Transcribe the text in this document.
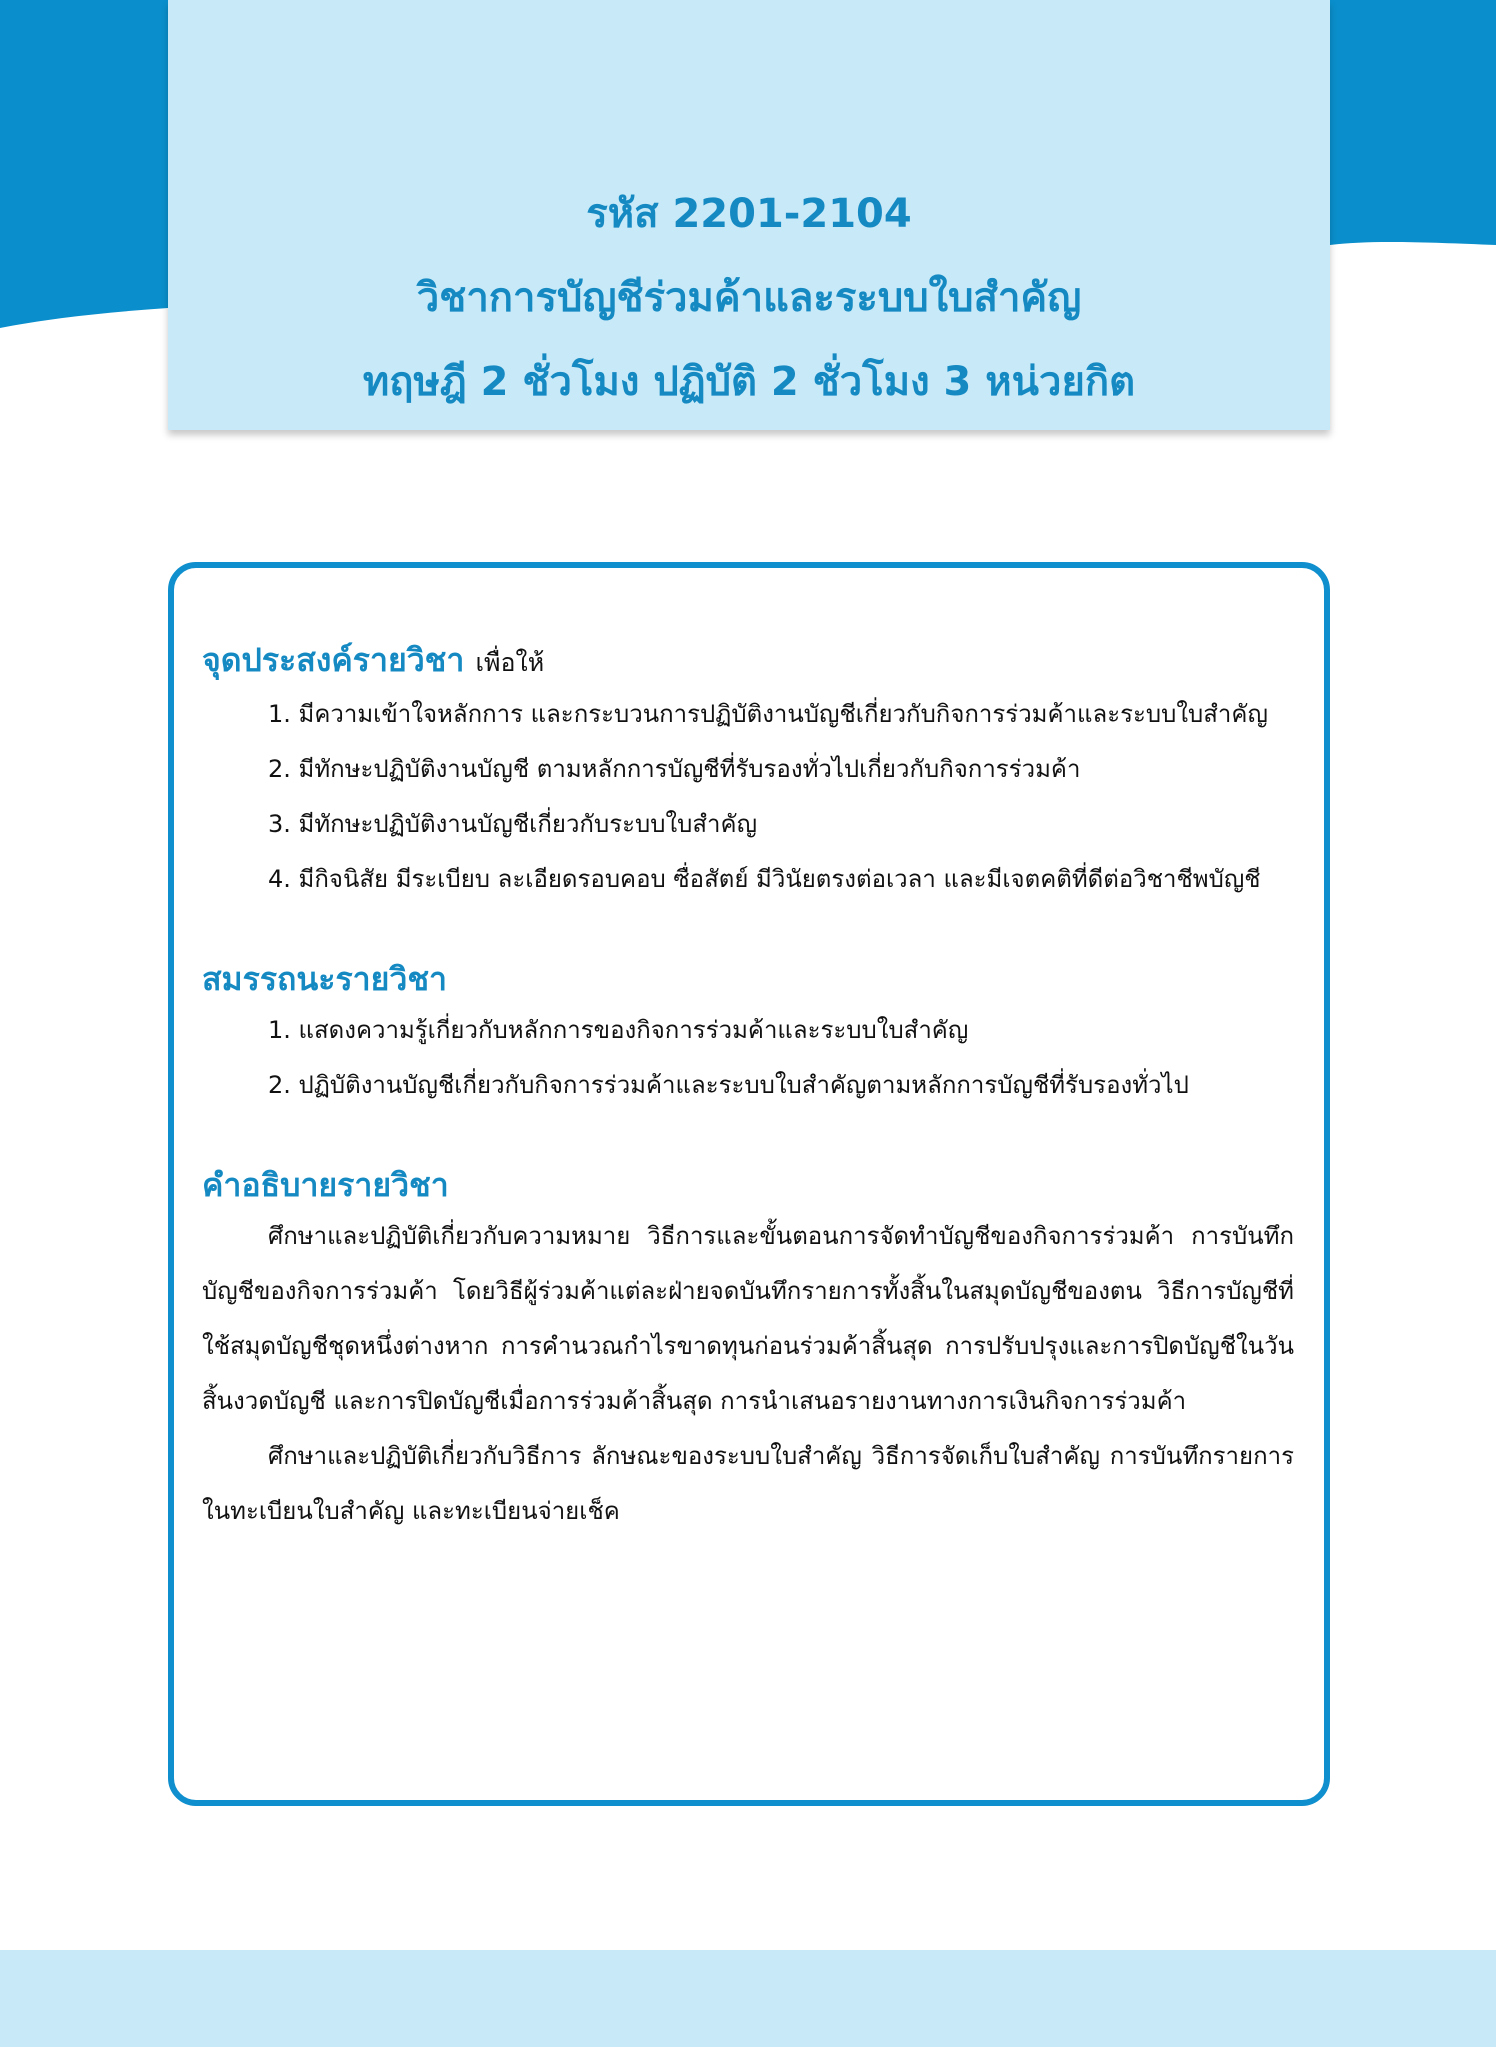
รหัส 2201-2104
วิชาการบัญชีร่วมค้าและระบบใบสำคัญ
ทฤษฎี 2 ชั่วโมง ปฏิบัติ 2 ชั่วโมง 3 หน่วยกิต
จุดประสงค์รายวิชา เพื่อให้
1. มีความเข้าใจหลักการ และกระบวนการปฏิบัติงานบัญชีเกี่ยวกับกิจการร่วมค้าและระบบใบสำคัญ
2. มีทักษะปฏิบัติงานบัญชี ตามหลักการบัญชีที่รับรองทั่วไปเกี่ยวกับกิจการร่วมค้า
3. มีทักษะปฏิบัติงานบัญชีเกี่ยวกับระบบใบสำคัญ
4. มีกิจนิสัย มีระเบียบ ละเอียดรอบคอบ ซื่อสัตย์ มีวินัยตรงต่อเวลา และมีเจตคติที่ดีต่อวิชาชีพบัญชี
สมรรถนะรายวิชา
1. แสดงความรู้เกี่ยวกับหลักการของกิจการร่วมค้าและระบบใบสำคัญ
2. ปฏิบัติงานบัญชีเกี่ยวกับกิจการร่วมค้าและระบบใบสำคัญตามหลักการบัญชีที่รับรองทั่วไป
คำอธิบายรายวิชา
ศึกษาและปฏิบัติเกี่ยวกับความหมาย วิธีการและขั้นตอนการจัดทำบัญชีของกิจการร่วมค้า การบันทึกบัญชีของกิจการร่วมค้า โดยวิธีผู้ร่วมค้าแต่ละฝ่ายจดบันทึกรายการทั้งสิ้นในสมุดบัญชีของตน วิธีการบัญชีที่ใช้สมุดบัญชีชุดหนึ่งต่างหาก การคำนวณกำไรขาดทุนก่อนร่วมค้าสิ้นสุด การปรับปรุงและการปิดบัญชีในวันสิ้นงวดบัญชี และการปิดบัญชีเมื่อการร่วมค้าสิ้นสุด การนำเสนอรายงานทางการเงินกิจการร่วมค้า
ศึกษาและปฏิบัติเกี่ยวกับวิธีการ ลักษณะของระบบใบสำคัญ วิธีการจัดเก็บใบสำคัญ การบันทึกรายการในทะเบียนใบสำคัญ และทะเบียนจ่ายเช็ค
